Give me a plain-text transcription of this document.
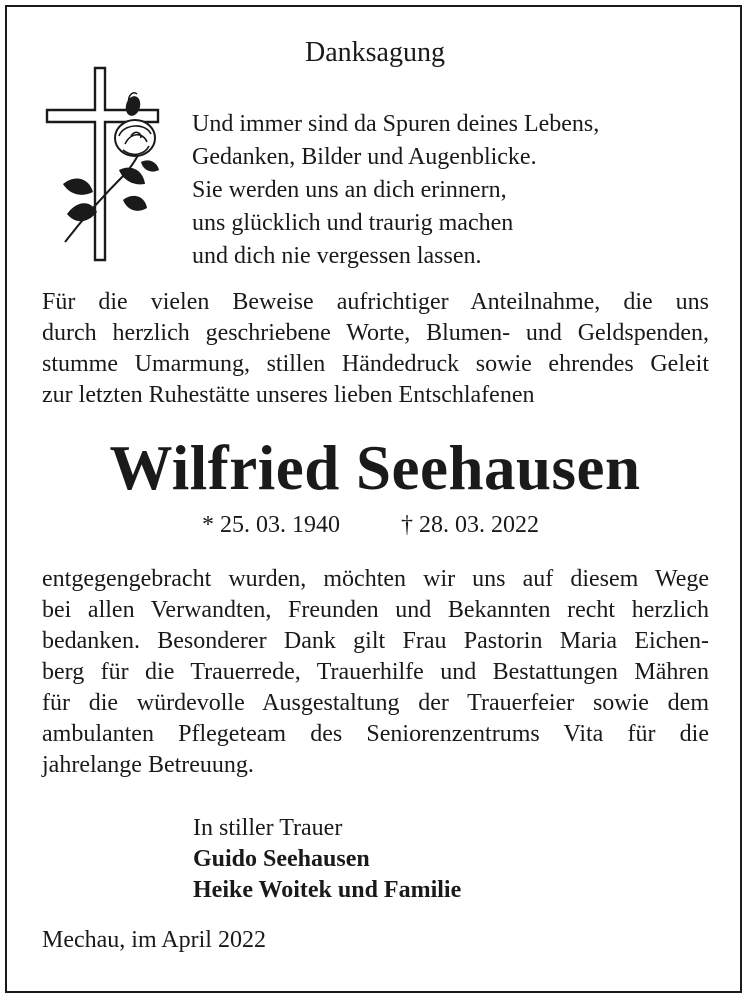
Danksagung
Und immer sind da Spuren deines Lebens,
Gedanken, Bilder und Augenblicke.
Sie werden uns an dich erinnern,
uns glücklich und traurig machen
und dich nie vergessen lassen.
Für die vielen Beweise aufrichtiger Anteilnahme, die uns
durch herzlich geschriebene Worte, Blumen- und Geldspenden,
stumme Umarmung, stillen Händedruck sowie ehrendes Geleit
zur letzten Ruhestätte unseres lieben Entschlafenen
Wilfried Seehausen
* 25. 03. 1940	† 28. 03. 2022
entgegengebracht wurden, möchten wir uns auf diesem Wege
bei allen Verwandten, Freunden und Bekannten recht herzlich
bedanken. Besonderer Dank gilt Frau Pastorin Maria Eichen-
berg für die Trauerrede, Trauerhilfe und Bestattungen Mähren
für die würdevolle Ausgestaltung der Trauerfeier sowie dem
ambulanten Pflegeteam des Seniorenzentrums Vita für die
jahrelange Betreuung.
In stiller Trauer
Guido Seehausen
Heike Woitek und Familie
Mechau, im April 2022
